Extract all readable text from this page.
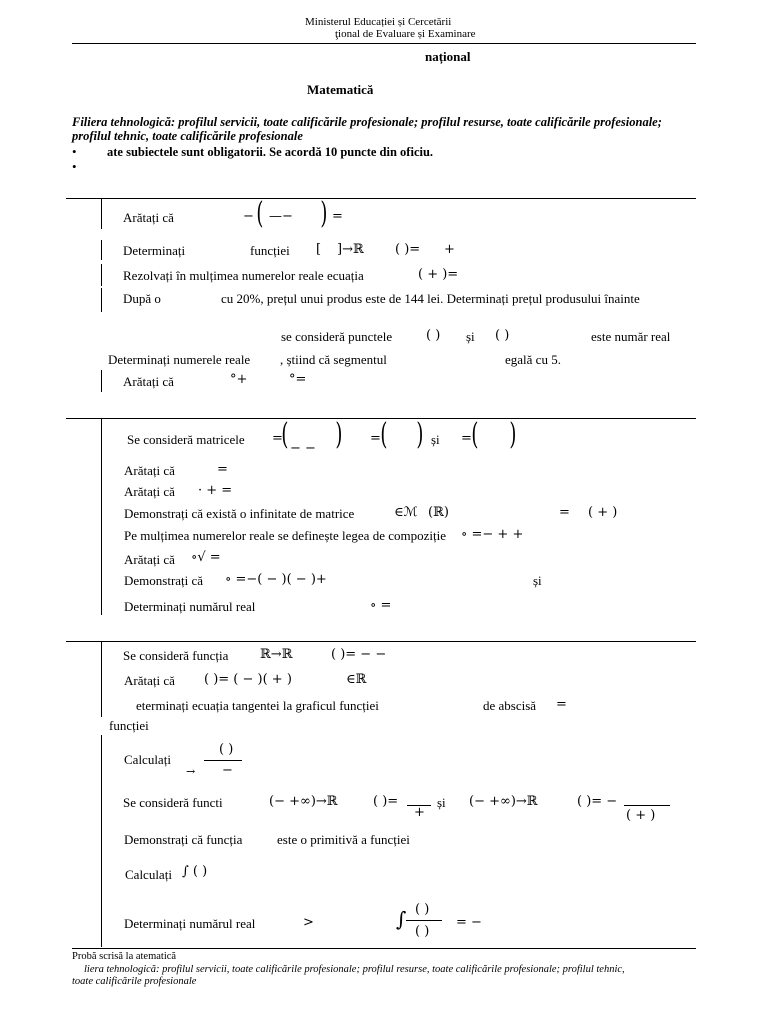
Ministerul Educației și Cercetării
ţional de Evaluare și Examinare
național
Matematică
Filiera tehnologică: profilul servicii, toate calificările profesionale; profilul resurse, toate calificările profesionale;
profilul tehnic, toate calificările profesionale
• ate subiectele sunt obligatorii. Se acordă 10 puncte din oficiu.
•
Arătați că	− ( —− ) =
Determinați	funcției [ ]→ℝ ( )= +
Rezolvați în mulțimea numerelor reale ecuația	( + )=
După o	cu 20%, prețul unui produs este de 144 lei. Determinați prețul produsului înainte
se consideră punctele	( ) și ( )	este număr real
Determinați numerele reale , știind că segmentul	egală cu 5.
Arătați că	°+	°=
Se consideră matricele =
( − − ) = ( ) și = ( )
Arătați că	=
Arătați că · + =
Demonstrați că există o infinitate de matrice	∈ℳ (ℝ)	= ( + )
Pe mulțimea numerelor reale se definește legea de compoziție ∘ =− + +
Arătați că ∘√ =
Demonstrați că ∘ =−( − )( − )+	și
Determinați numărul real	∘ =
Se consideră funcția ℝ→ℝ	( )= − −
Arătați că ( )= ( − )( + )	∈ℝ
eterminați ecuația tangentei la graficul funcției	de abscisă =
funcției
Calculați
( )
−
→
Se consideră functi	(− +∞)→ℝ	( )=
+
și (− +∞)→ℝ	( )= −
( + )
Demonstrați că funcția	este o primitivă a funcției
Calculați ∫ ( )
Determinați numărul real	>	∫ ( )
( )
= −
Probă scrisă la atematică
liera tehnologică: profilul servicii, toate calificările profesionale; profilul resurse, toate calificările profesionale; profilul tehnic,
toate calificările profesionale
